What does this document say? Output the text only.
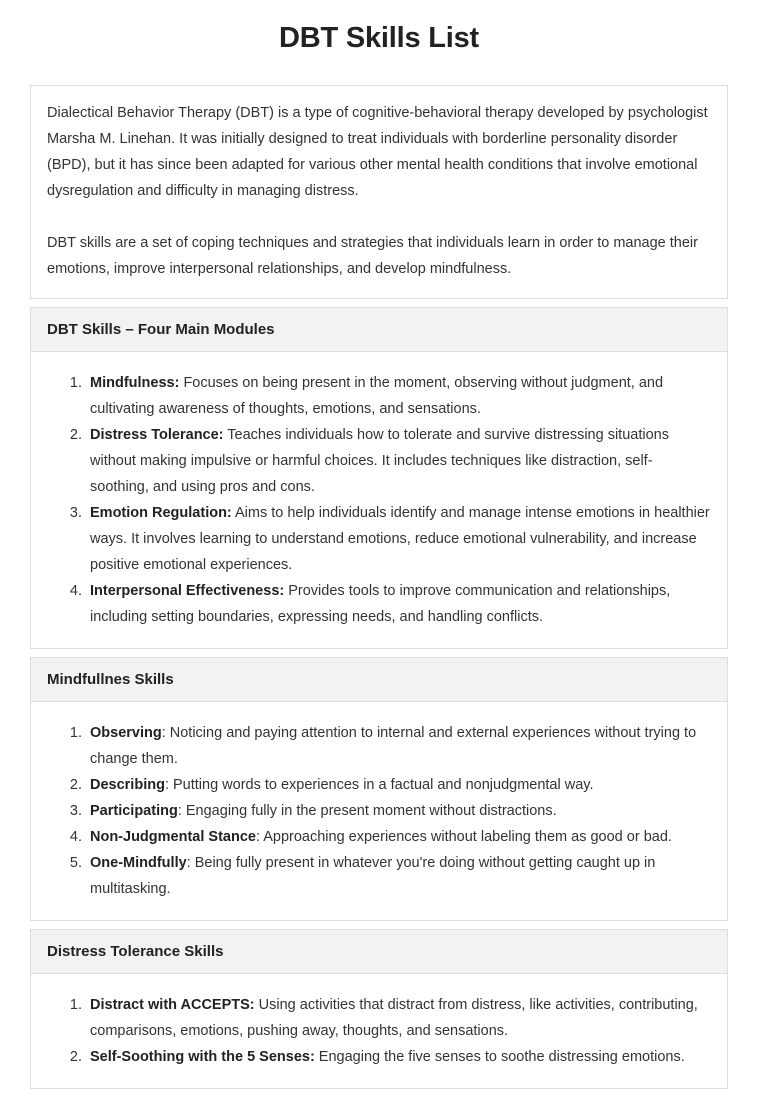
DBT Skills List

Dialectical Behavior Therapy (DBT) is a type of cognitive-behavioral therapy developed by psychologist Marsha M. Linehan. It was initially designed to treat individuals with borderline personality disorder (BPD), but it has since been adapted for various other mental health conditions that involve emotional dysregulation and difficulty in managing distress.

DBT skills are a set of coping techniques and strategies that individuals learn in order to manage their emotions, improve interpersonal relationships, and develop mindfulness.

DBT Skills – Four Main Modules
1. Mindfulness: Focuses on being present in the moment, observing without judgment, and cultivating awareness of thoughts, emotions, and sensations.
2. Distress Tolerance: Teaches individuals how to tolerate and survive distressing situations without making impulsive or harmful choices. It includes techniques like distraction, self-soothing, and using pros and cons.
3. Emotion Regulation: Aims to help individuals identify and manage intense emotions in healthier ways. It involves learning to understand emotions, reduce emotional vulnerability, and increase positive emotional experiences.
4. Interpersonal Effectiveness: Provides tools to improve communication and relationships, including setting boundaries, expressing needs, and handling conflicts.
Mindfullnes Skills
1. Observing: Noticing and paying attention to internal and external experiences without trying to change them.
2. Describing: Putting words to experiences in a factual and nonjudgmental way.
3. Participating: Engaging fully in the present moment without distractions.
4. Non-Judgmental Stance: Approaching experiences without labeling them as good or bad.
5. One-Mindfully: Being fully present in whatever you're doing without getting caught up in multitasking.
Distress Tolerance Skills
1. Distract with ACCEPTS: Using activities that distract from distress, like activities, contributing, comparisons, emotions, pushing away, thoughts, and sensations.
2. Self-Soothing with the 5 Senses: Engaging the five senses to soothe distressing emotions.
